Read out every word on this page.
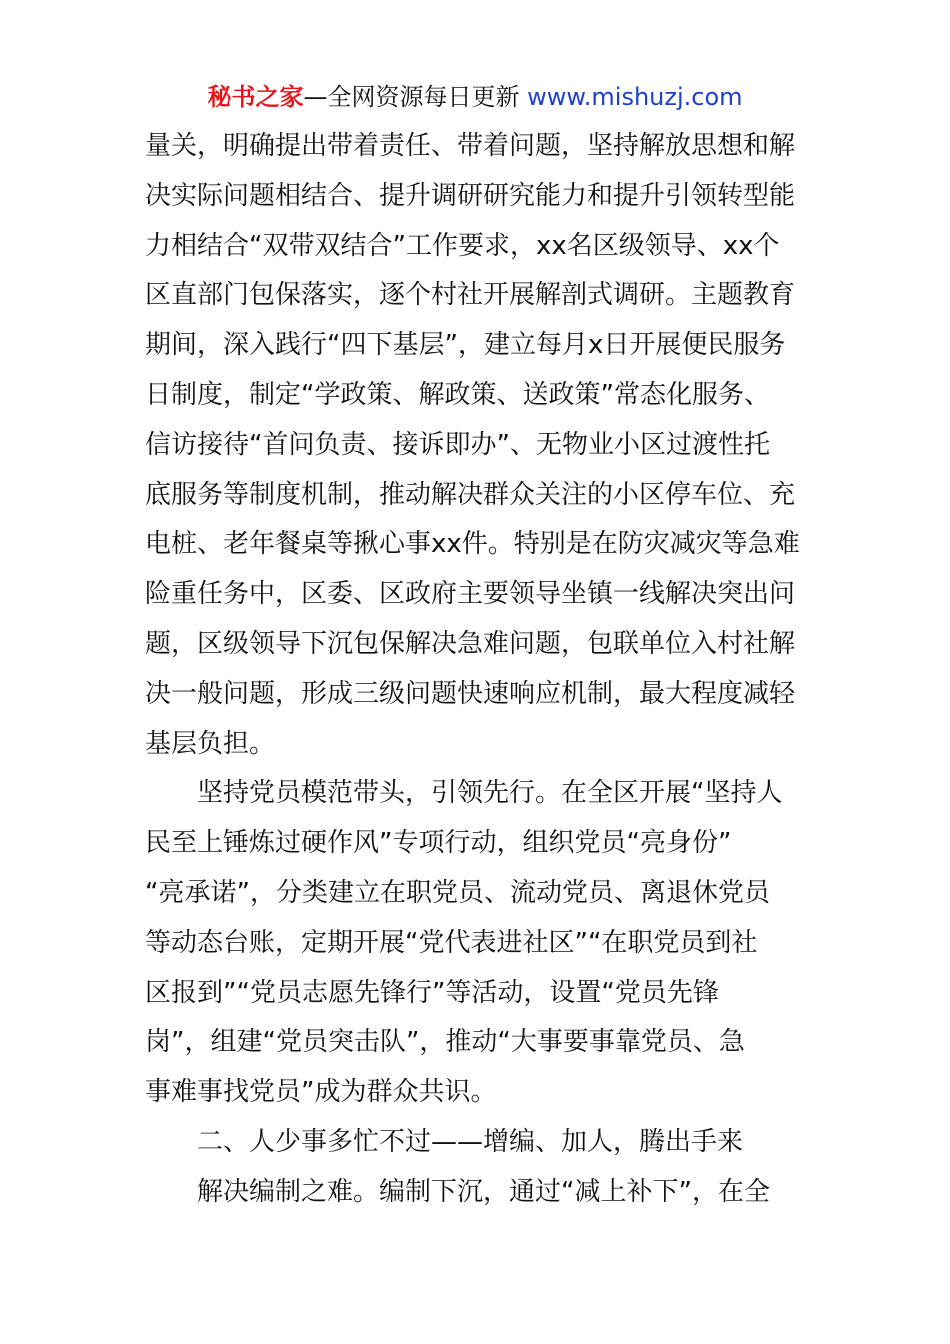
秘书之家—全网资源每日更新 www.mishuzj.com
量关，明确提出带着责任、带着问题，坚持解放思想和解
决实际问题相结合、提升调研研究能力和提升引领转型能
力相结合“双带双结合”工作要求，xx名区级领导、xx个
区直部门包保落实，逐个村社开展解剖式调研。主题教育
期间，深入践行“四下基层”，建立每月x日开展便民服务
日制度，制定“学政策、解政策、送政策”常态化服务、
信访接待“首问负责、接诉即办”、无物业小区过渡性托
底服务等制度机制，推动解决群众关注的小区停车位、充
电桩、老年餐桌等揪心事xx件。特别是在防灾减灾等急难
险重任务中，区委、区政府主要领导坐镇一线解决突出问
题，区级领导下沉包保解决急难问题，包联单位入村社解
决一般问题，形成三级问题快速响应机制，最大程度减轻
基层负担。
坚持党员模范带头，引领先行。在全区开展“坚持人
民至上锤炼过硬作风”专项行动，组织党员“亮身份”
“亮承诺”，分类建立在职党员、流动党员、离退休党员
等动态台账，定期开展“党代表进社区”“在职党员到社
区报到”“党员志愿先锋行”等活动，设置“党员先锋
岗”，组建“党员突击队”，推动“大事要事靠党员、急
事难事找党员”成为群众共识。
二、人少事多忙不过——增编、加人，腾出手来
解决编制之难。编制下沉，通过“减上补下”，在全
